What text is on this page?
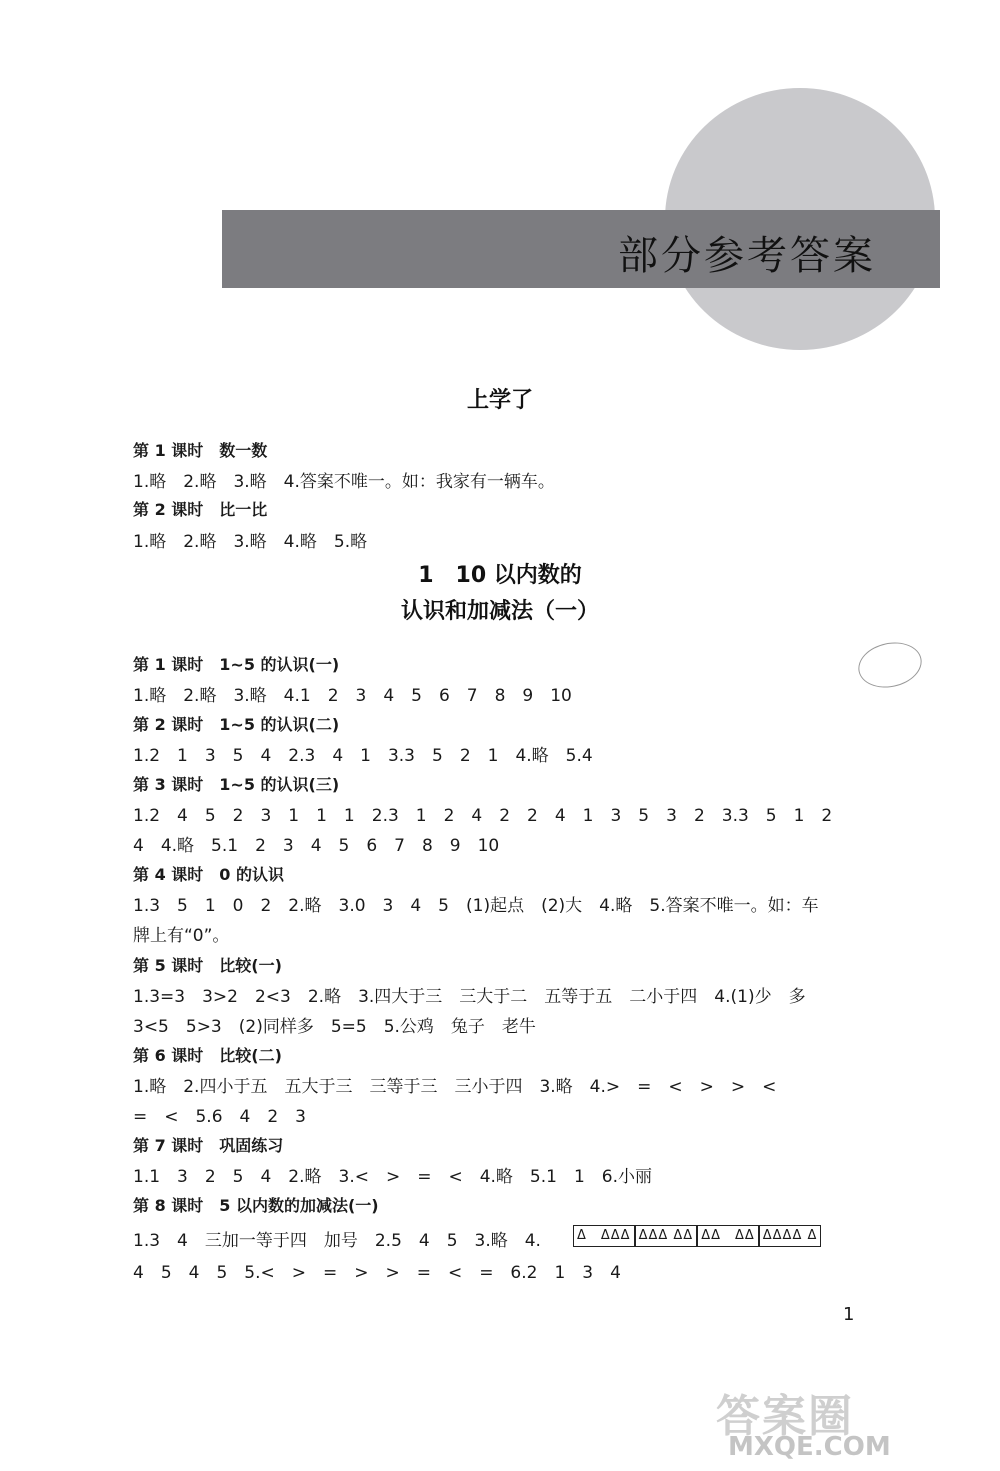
部分参考答案
上学了
第 1 课时　数一数
1.略　2.略　3.略　4.答案不唯一。如：我家有一辆车。
第 2 课时　比一比
1.略　2.略　3.略　4.略　5.略
1　10 以内数的
认识和加减法（一）
第 1 课时　1~5 的认识(一)
1.略　2.略　3.略　4.1　2　3　4　5　6　7　8　9　10
第 2 课时　1~5 的认识(二)
1.2　1　3　5　4　2.3　4　1　3.3　5　2　1　4.略　5.4
第 3 课时　1~5 的认识(三)
1.2　4　5　2　3　1　1　1　2.3　1　2　4　2　2　4　1　3　5　3　2　3.3　5　1　2
4　4.略　5.1　2　3　4　5　6　7　8　9　10
第 4 课时　0 的认识
1.3　5　1　0　2　2.略　3.0　3　4　5　(1)起点　(2)大　4.略　5.答案不唯一。如：车
牌上有“0”。
第 5 课时　比较(一)
1.3=3　3>2　2<3　2.略　3.四大于三　三大于二　五等于五　二小于四　4.(1)少　多
3<5　5>3　(2)同样多　5=5　5.公鸡　兔子　老牛
第 6 课时　比较(二)
1.略　2.四小于五　五大于三　三等于三　三小于四　3.略　4.>　=　<　>　>　<
=　<　5.6　4　2　3
第 7 课时　巩固练习
1.1　3　2　5　4　2.略　3.<　>　=　<　4.略　5.1　1　6.小丽
第 8 课时　5 以内数的加减法(一)
1.3　4　三加一等于四　加号　2.5　4　5　3.略　4.	Δ　ΔΔΔ ΔΔΔ ΔΔ ΔΔ　ΔΔ ΔΔΔΔ Δ
4　5　4　5　5.<　>　=　>　>　=　<　=　6.2　1　3　4
1
答案圈
MXQE.COM
